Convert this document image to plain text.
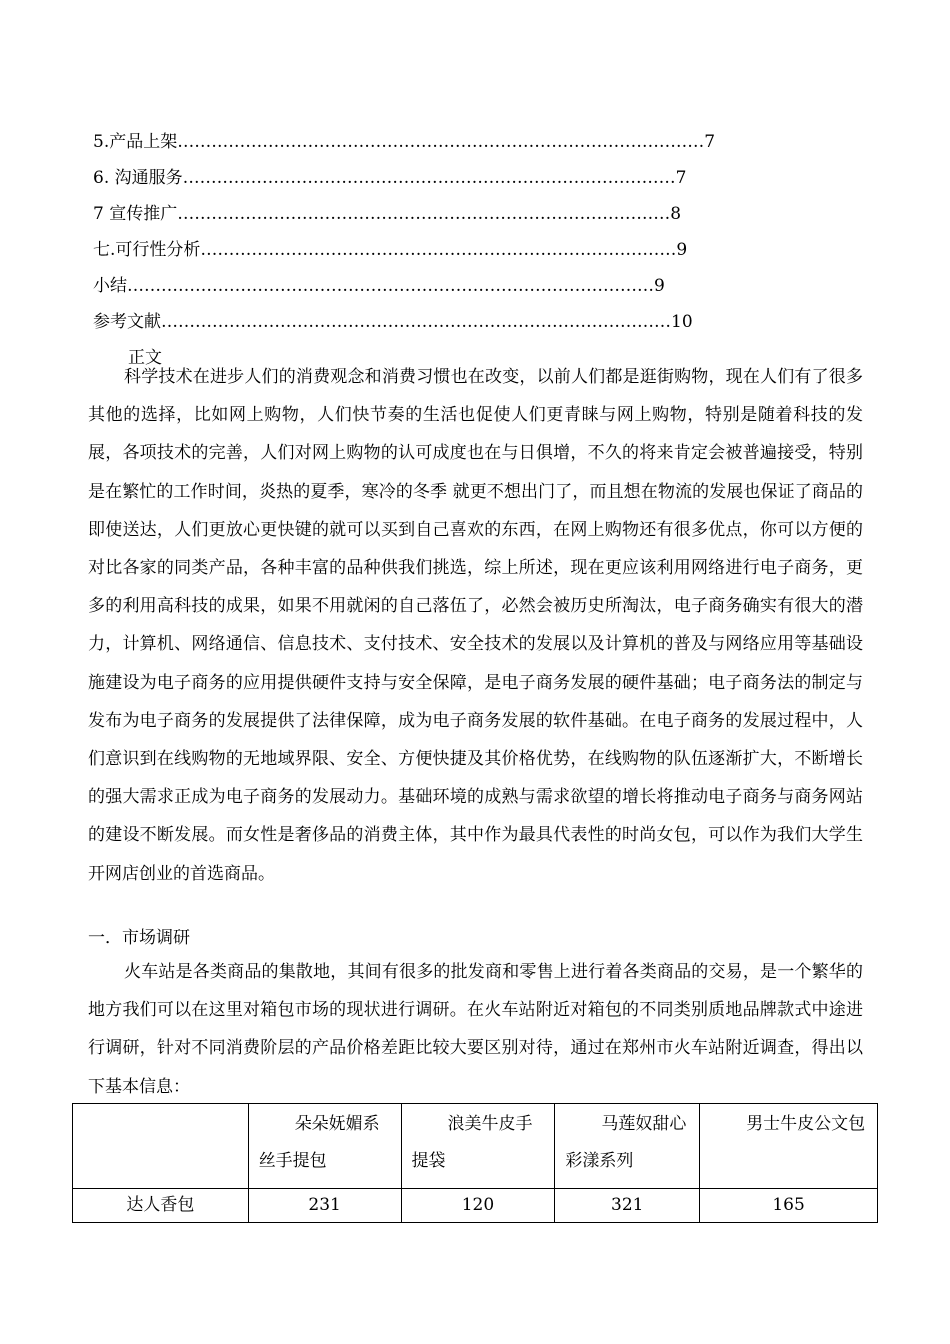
5.产品上架…………………………………………………………………………………7
6. 沟通服务……………………………………………………………………………7
7 宣传推广……………………………………………………………………………8
七.可行性分析…………………………………………………………………………9
小结…………………………………………………………………………………9
参考文献………………………………………………………………………………10
正文

科学技术在进步人们的消费观念和消费习惯也在改变，以前人们都是逛街购物，现在人们有了很多其他的选择，比如网上购物，人们快节奏的生活也促使人们更青睐与网上购物，特别是随着科技的发展，各项技术的完善，人们对网上购物的认可成度也在与日俱增，不久的将来肯定会被普遍接受，特别是在繁忙的工作时间，炎热的夏季，寒冷的冬季 就更不想出门了，而且想在物流的发展也保证了商品的即使送达，人们更放心更快键的就可以买到自己喜欢的东西，在网上购物还有很多优点，你可以方便的对比各家的同类产品，各种丰富的品种供我们挑选，综上所述，现在更应该利用网络进行电子商务，更多的利用高科技的成果，如果不用就闲的自己落伍了，必然会被历史所淘汰，电子商务确实有很大的潜力，计算机、网络通信、信息技术、支付技术、安全技术的发展以及计算机的普及与网络应用等基础设施建设为电子商务的应用提供硬件支持与安全保障，是电子商务发展的硬件基础；电子商务法的制定与发布为电子商务的发展提供了法律保障，成为电子商务发展的软件基础。在电子商务的发展过程中，人们意识到在线购物的无地域界限、安全、方便快捷及其价格优势，在线购物的队伍逐渐扩大，不断增长的强大需求正成为电子商务的发展动力。基础环境的成熟与需求欲望的增长将推动电子商务与商务网站的建设不断发展。而女性是奢侈品的消费主体，其中作为最具代表性的时尚女包，可以作为我们大学生开网店创业的首选商品。

一．市场调研

火车站是各类商品的集散地，其间有很多的批发商和零售上进行着各类商品的交易，是一个繁华的地方我们可以在这里对箱包市场的现状进行调研。在火车站附近对箱包的不同类别质地品牌款式中途进行调研，针对不同消费阶层的产品价格差距比较大要区别对待，通过在郑州市火车站附近调查，得出以下基本信息：

	朵朵妩媚系丝手提包	浪美牛皮手提袋	马莲奴甜心彩漾系列	男士牛皮公文包

达人香包	231	120	321	165
